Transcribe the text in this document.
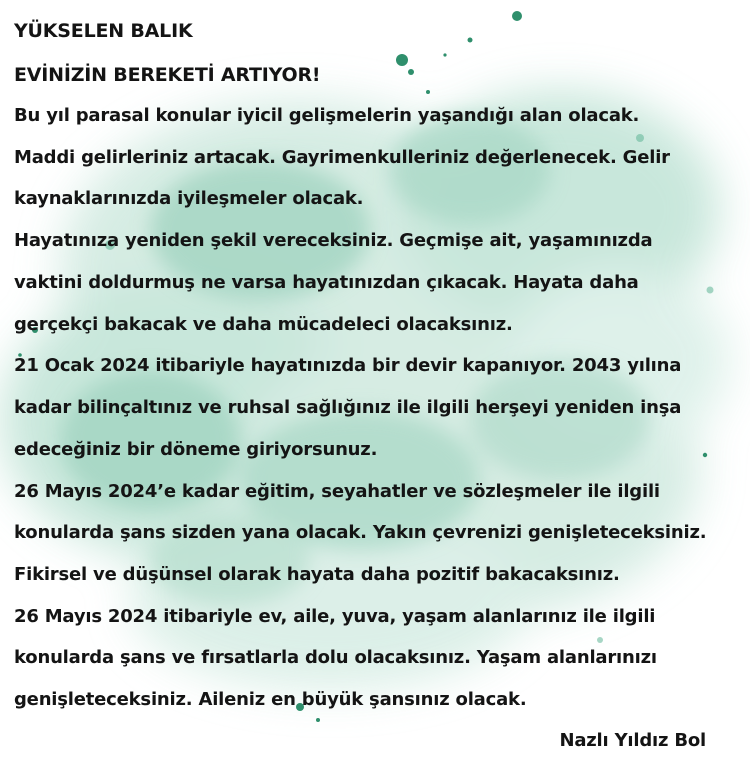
YÜKSELEN BALIK
EVİNİZİN BEREKETİ ARTIYOR!
Bu yıl parasal konular iyicil gelişmelerin yaşandığı alan olacak.
Maddi gelirleriniz artacak. Gayrimenkulleriniz değerlenecek. Gelir
kaynaklarınızda iyileşmeler olacak.
Hayatınıza yeniden şekil vereceksiniz. Geçmişe ait, yaşamınızda
vaktini doldurmuş ne varsa hayatınızdan çıkacak. Hayata daha
gerçekçi bakacak ve daha mücadeleci olacaksınız.
21 Ocak 2024 itibariyle hayatınızda bir devir kapanıyor. 2043 yılına
kadar bilinçaltınız ve ruhsal sağlığınız ile ilgili herşeyi yeniden inşa
edeceğiniz bir döneme giriyorsunuz.
26 Mayıs 2024’e kadar eğitim, seyahatler ve sözleşmeler ile ilgili
konularda şans sizden yana olacak. Yakın çevrenizi genişleteceksiniz.
Fikirsel ve düşünsel olarak hayata daha pozitif bakacaksınız.
26 Mayıs 2024 itibariyle ev, aile, yuva, yaşam alanlarınız ile ilgili
konularda şans ve fırsatlarla dolu olacaksınız. Yaşam alanlarınızı
genişleteceksiniz. Aileniz en büyük şansınız olacak.
Nazlı Yıldız Bol
